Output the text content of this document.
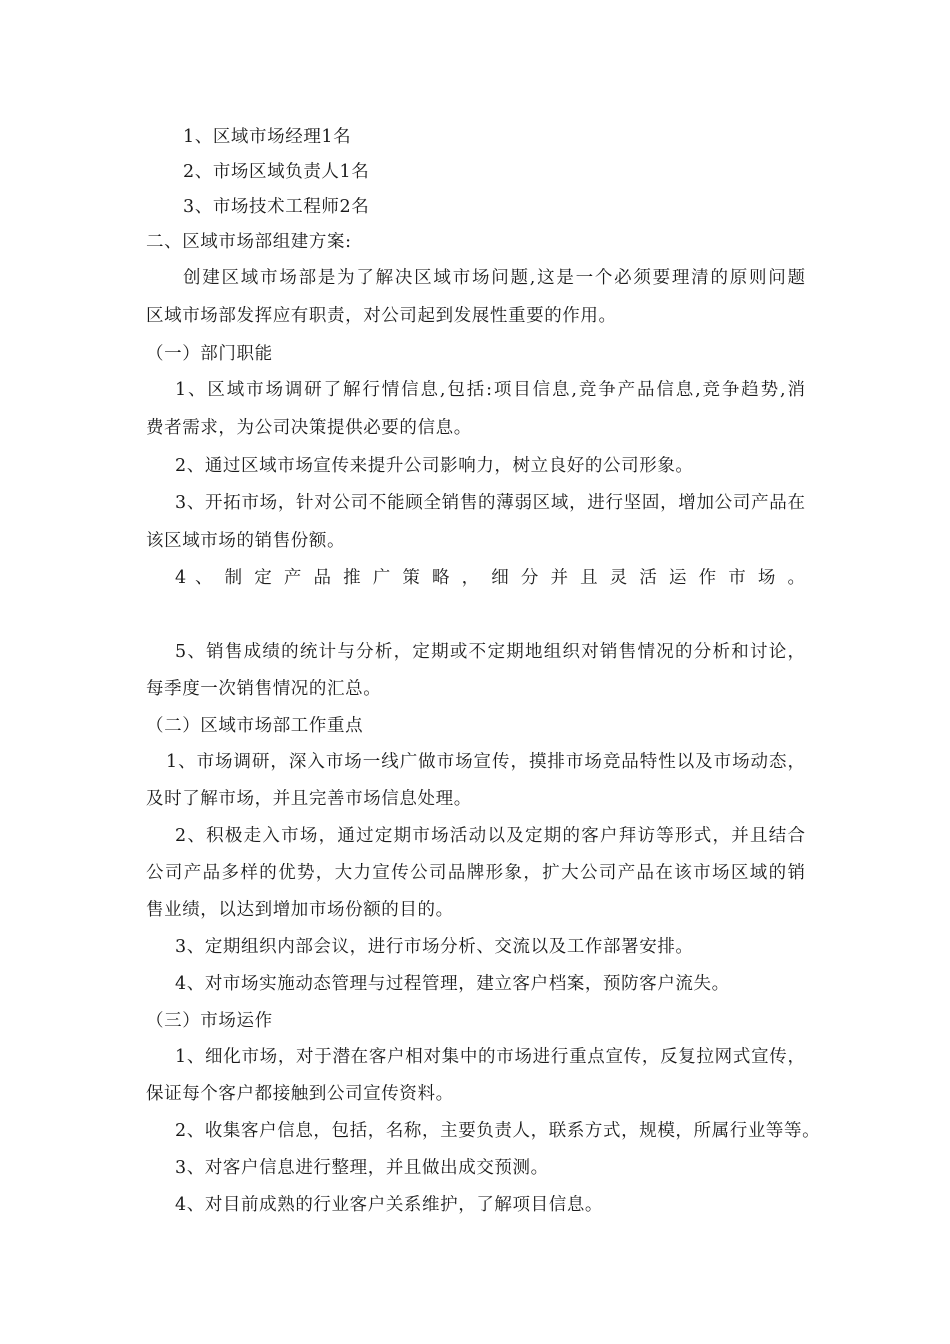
1、区域市场经理1名
2、市场区域负责人1名
3、市场技术工程师2名
二、区域市场部组建方案:
创建区域市场部是为了解决区域市场问题,这是一个必须要理清的原则问题
区域市场部发挥应有职责，对公司起到发展性重要的作用。
（一）部门职能
1、区域市场调研了解行情信息,包括:项目信息,竞争产品信息,竞争趋势,消
费者需求，为公司决策提供必要的信息。
2、通过区域市场宣传来提升公司影响力，树立良好的公司形象。
3、开拓市场，针对公司不能顾全销售的薄弱区域，进行坚固，增加公司产品在
该区域市场的销售份额。
4 、 制 定 产 品 推 广 策 略 ， 细 分 并 且 灵 活 运 作 市 场 。
5、销售成绩的统计与分析，定期或不定期地组织对销售情况的分析和讨论，
每季度一次销售情况的汇总。
（二）区域市场部工作重点
1、市场调研，深入市场一线广做市场宣传，摸排市场竞品特性以及市场动态，
及时了解市场，并且完善市场信息处理。
2、积极走入市场，通过定期市场活动以及定期的客户拜访等形式，并且结合
公司产品多样的优势，大力宣传公司品牌形象，扩大公司产品在该市场区域的销
售业绩，以达到增加市场份额的目的。
3、定期组织内部会议，进行市场分析、交流以及工作部署安排。
4、对市场实施动态管理与过程管理，建立客户档案，预防客户流失。
（三）市场运作
1、细化市场，对于潜在客户相对集中的市场进行重点宣传，反复拉网式宣传，
保证每个客户都接触到公司宣传资料。
2、收集客户信息，包括，名称，主要负责人，联系方式，规模，所属行业等等。
3、对客户信息进行整理，并且做出成交预测。
4、对目前成熟的行业客户关系维护，了解项目信息。
